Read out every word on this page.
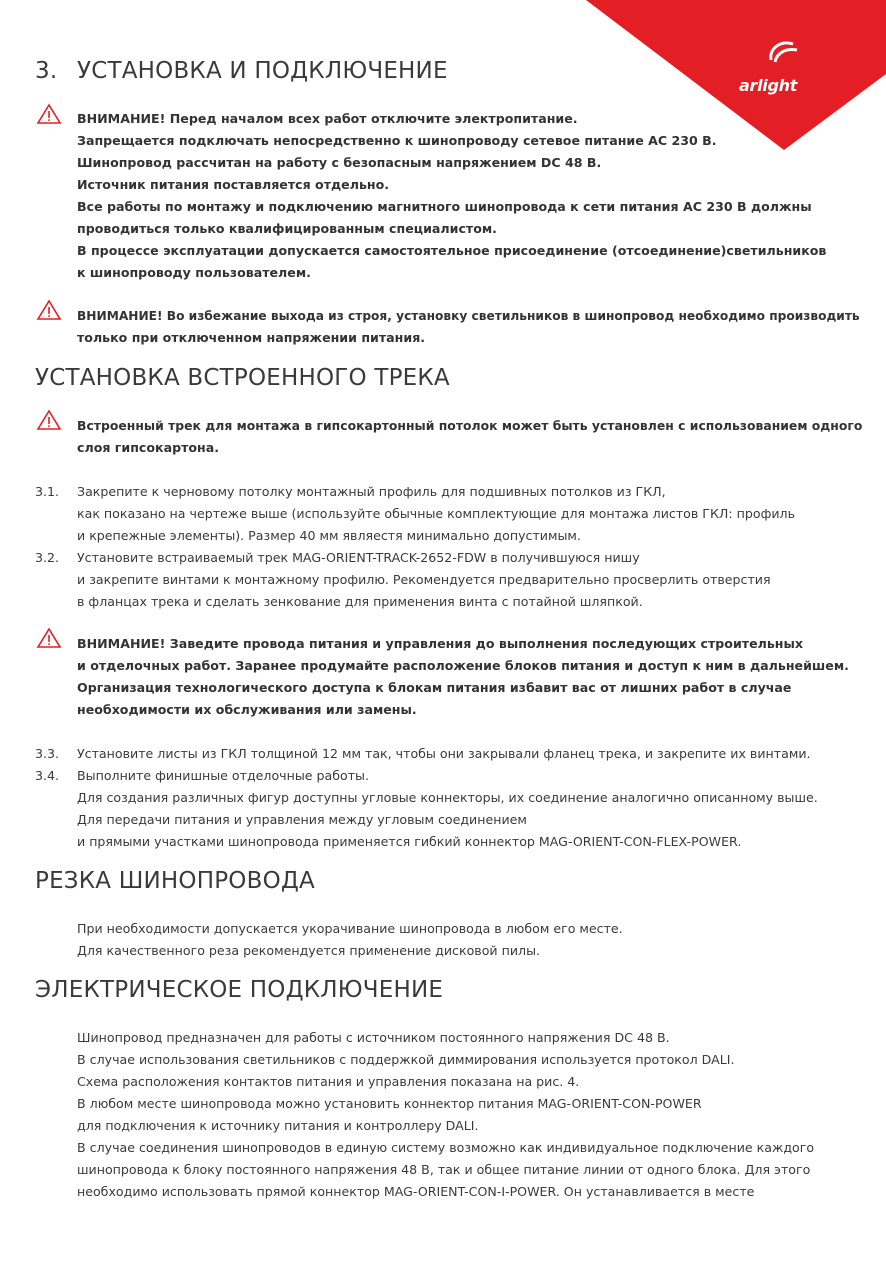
arlight
3. УСТАНОВКА И ПОДКЛЮЧЕНИЕ
ВНИМАНИЕ! Перед началом всех работ отключите электропитание.
Запрещается подключать непосредственно к шинопроводу сетевое питание AC 230 В.
Шинопровод рассчитан на работу с безопасным напряжением DC 48 В.
Источник питания поставляется отдельно.
Все работы по монтажу и подключению магнитного шинопровода к сети питания AC 230 В должны
проводиться только квалифицированным специалистом.
В процессе эксплуатации допускается самостоятельное присоединение (отсоединение)светильников
к шинопроводу пользователем.
ВНИМАНИЕ! Во избежание выхода из строя, установку светильников в шинопровод необходимо производить
только при отключенном напряжении питания.
УСТАНОВКА ВСТРОЕННОГО ТРЕКА
Встроенный трек для монтажа в гипсокартонный потолок может быть установлен с использованием одного
слоя гипсокартона.
3.1. Закрепите к черновому потолку монтажный профиль для подшивных потолков из ГКЛ,
как показано на чертеже выше (используйте обычные комплектующие для монтажа листов ГКЛ: профиль
и крепежные элементы). Размер 40 мм являестя минимально допустимым.
3.2. Установите встраиваемый трек MAG-ORIENT-TRACK-2652-FDW в получившуюся нишу
и закрепите винтами к монтажному профилю. Рекомендуется предварительно просверлить отверстия
в фланцах трека и сделать зенкование для применения винта с потайной шляпкой.
ВНИМАНИЕ! Заведите провода питания и управления до выполнения последующих строительных
и отделочных работ. Заранее продумайте расположение блоков питания и доступ к ним в дальнейшем.
Организация технологического доступа к блокам питания избавит вас от лишних работ в случае
необходимости их обслуживания или замены.
3.3. Установите листы из ГКЛ толщиной 12 мм так, чтобы они закрывали фланец трека, и закрепите их винтами.
3.4. Выполните финишные отделочные работы.
Для создания различных фигур доступны угловые коннекторы, их соединение аналогично описанному выше.
Для передачи питания и управления между угловым соединением
и прямыми участками шинопровода применяется гибкий коннектор MAG-ORIENT-CON-FLEX-POWER.
РЕЗКА ШИНОПРОВОДА
При необходимости допускается укорачивание шинопровода в любом его месте.
Для качественного реза рекомендуется применение дисковой пилы.
ЭЛЕКТРИЧЕСКОЕ ПОДКЛЮЧЕНИЕ
Шинопровод предназначен для работы с источником постоянного напряжения DC 48 В.
В случае использования светильников с поддержкой диммирования используется протокол DALI.
Схема расположения контактов питания и управления показана на рис. 4.
В любом месте шинопровода можно установить коннектор питания MAG-ORIENT-CON-POWER
для подключения к источнику питания и контроллеру DALI.
В случае соединения шинопроводов в единую систему возможно как индивидуальное подключение каждого
шинопровода к блоку постоянного напряжения 48 В, так и общее питание линии от одного блока. Для этого
необходимо использовать прямой коннектор MAG-ORIENT-CON-I-POWER. Он устанавливается в месте
